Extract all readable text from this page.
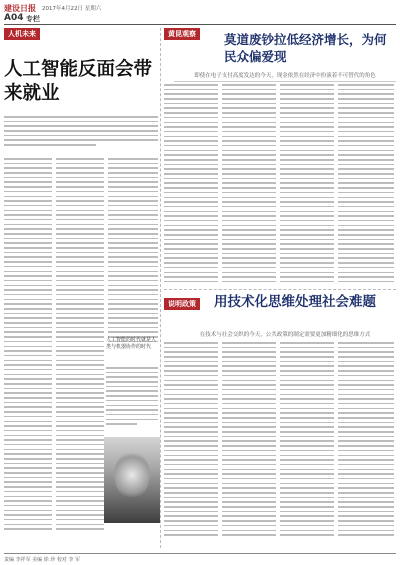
建设日报 2017年4月22日 星期六
A04 专栏
人机未来
人工智能反面会带来就业
人工智能的时代就是人类与机器协作的时代
黄昆观察	莫道废钞拉低经济增长，为何民众偏爱现
即使在电子支付高度发达的今天，现金依然在经济中扮演着不可替代的角色
说明政策 用技术化思维处理社会难题
在技术与社会交织的今天，公共政策的制定需要更加精细化的思维方式
责编 李祥军 美编 徐 珍 校对 李 军
